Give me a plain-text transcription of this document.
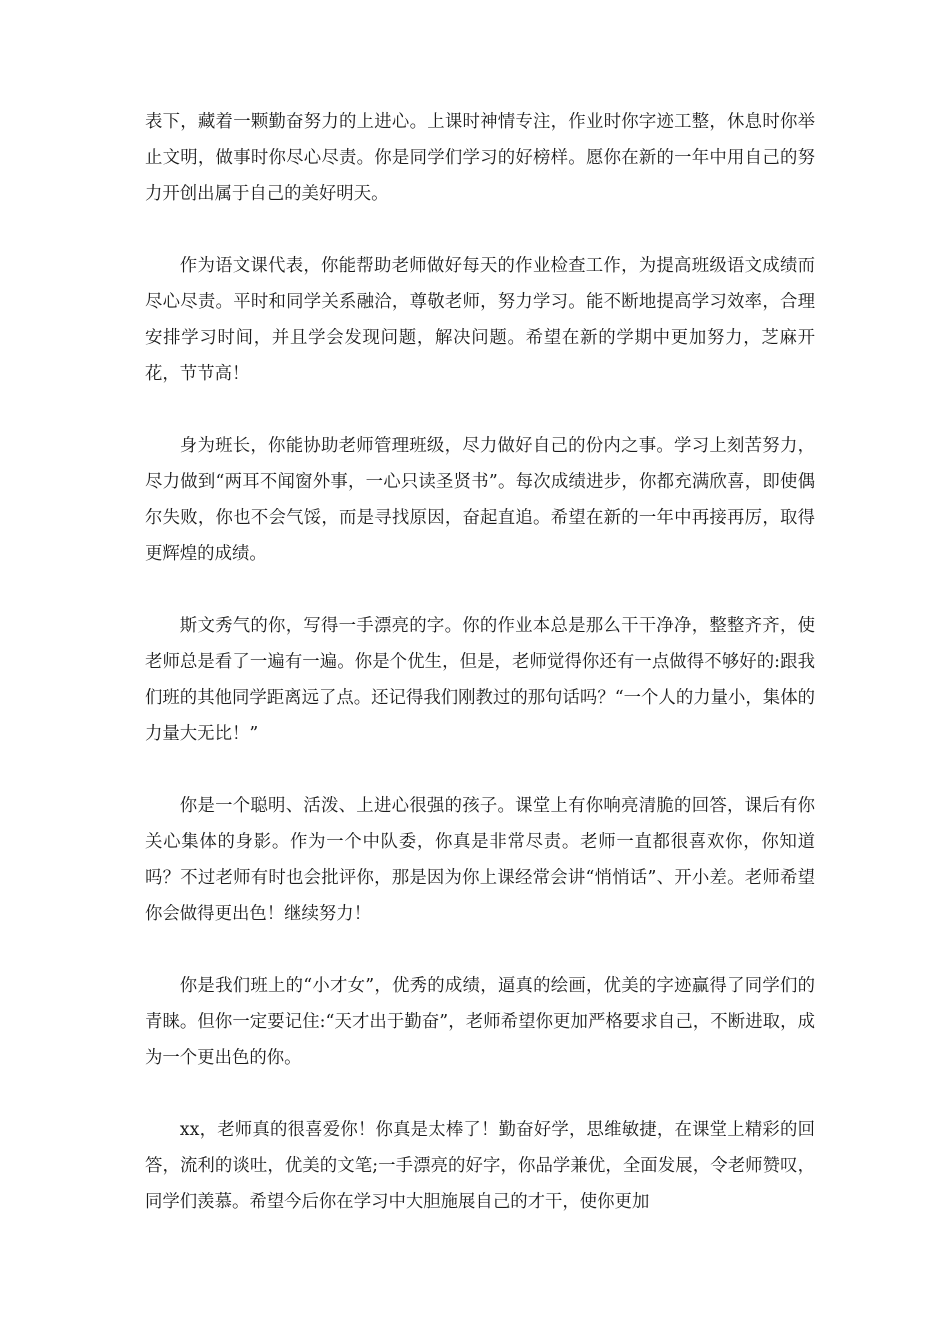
表下，藏着一颗勤奋努力的上进心。上课时神情专注，作业时你字迹工整，休息时你举止文明，做事时你尽心尽责。你是同学们学习的好榜样。愿你在新的一年中用自己的努力开创出属于自己的美好明天。

作为语文课代表，你能帮助老师做好每天的作业检查工作，为提高班级语文成绩而尽心尽责。平时和同学关系融洽，尊敬老师，努力学习。能不断地提高学习效率，合理安排学习时间，并且学会发现问题，解决问题。希望在新的学期中更加努力，芝麻开花，节节高！

身为班长，你能协助老师管理班级，尽力做好自己的份内之事。学习上刻苦努力，尽力做到“两耳不闻窗外事，一心只读圣贤书”。每次成绩进步，你都充满欣喜，即使偶尔失败，你也不会气馁，而是寻找原因，奋起直追。希望在新的一年中再接再厉，取得更辉煌的成绩。

斯文秀气的你，写得一手漂亮的字。你的作业本总是那么干干净净，整整齐齐，使老师总是看了一遍有一遍。你是个优生，但是，老师觉得你还有一点做得不够好的:跟我们班的其他同学距离远了点。还记得我们刚教过的那句话吗？“一个人的力量小，集体的力量大无比！”

你是一个聪明、活泼、上进心很强的孩子。课堂上有你响亮清脆的回答，课后有你关心集体的身影。作为一个中队委，你真是非常尽责。老师一直都很喜欢你，你知道吗？不过老师有时也会批评你，那是因为你上课经常会讲“悄悄话”、开小差。老师希望你会做得更出色！继续努力！

你是我们班上的“小才女”，优秀的成绩，逼真的绘画，优美的字迹赢得了同学们的青睐。但你一定要记住:“天才出于勤奋”，老师希望你更加严格要求自己，不断进取，成为一个更出色的你。

xx，老师真的很喜爱你！你真是太棒了！勤奋好学，思维敏捷，在课堂上精彩的回答，流利的谈吐，优美的文笔;一手漂亮的好字，你品学兼优，全面发展，令老师赞叹，同学们羡慕。希望今后你在学习中大胆施展自己的才干，使你更加
